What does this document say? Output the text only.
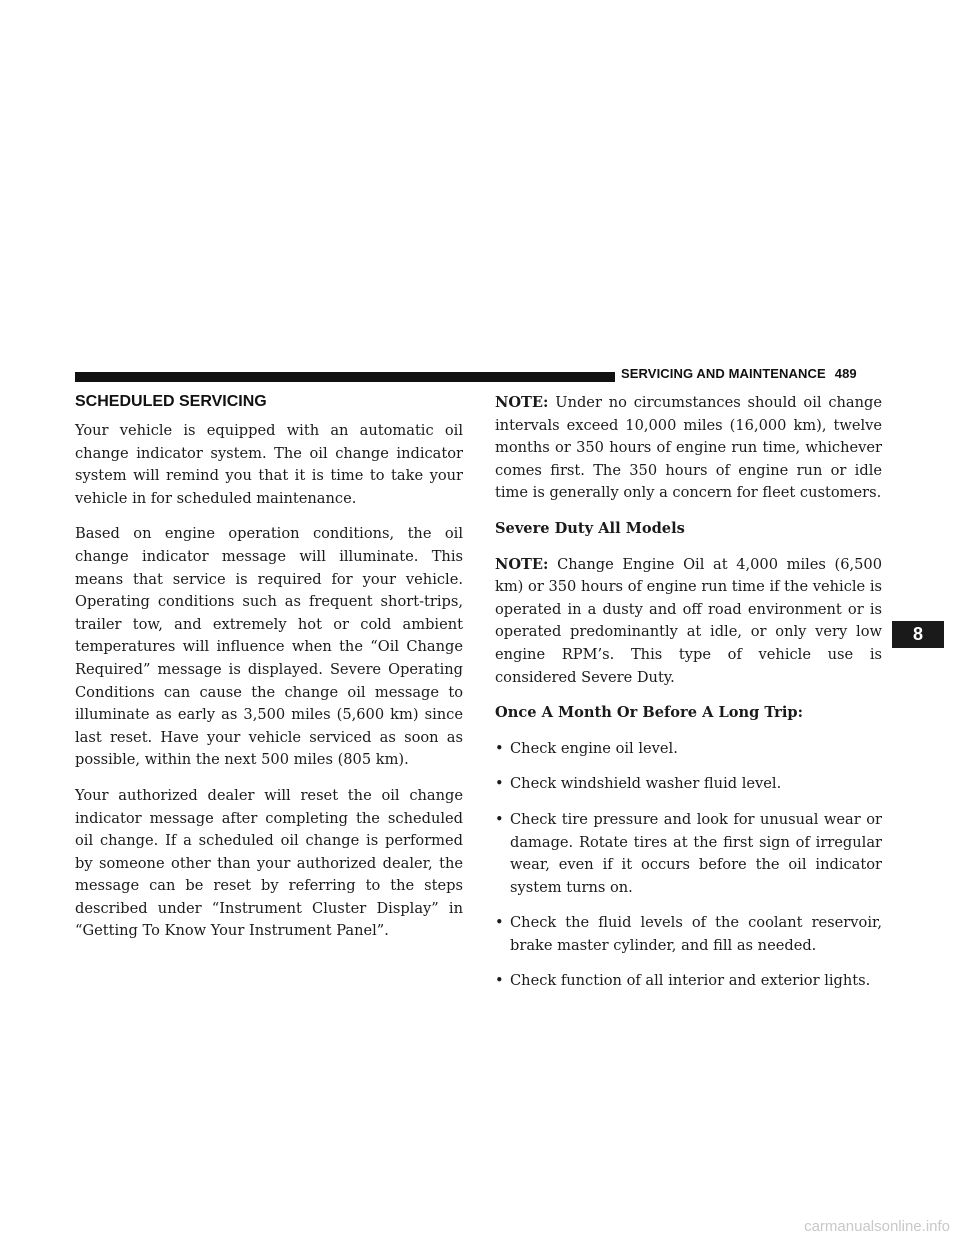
SERVICING AND MAINTENANCE 489
SCHEDULED SERVICING

Your vehicle is equipped with an automatic oil change indicator system. The oil change indicator system will remind you that it is time to take your vehicle in for scheduled maintenance.

Based on engine operation conditions, the oil change indicator message will illuminate. This means that service is required for your vehicle. Operating conditions such as frequent short-trips, trailer tow, and extremely hot or cold ambient temperatures will influence when the “Oil Change Required” message is displayed. Severe Operating Conditions can cause the change oil message to illuminate as early as 3,500 miles (5,600 km) since last reset. Have your vehicle serviced as soon as possible, within the next 500 miles (805 km).

Your authorized dealer will reset the oil change indicator message after completing the scheduled oil change. If a scheduled oil change is performed by someone other than your authorized dealer, the message can be reset by referring to the steps described under “Instrument Cluster Display” in “Getting To Know Your Instrument Panel”.

NOTE: Under no circumstances should oil change intervals exceed 10,000 miles (16,000 km), twelve months or 350 hours of engine run time, whichever comes first. The 350 hours of engine run or idle time is generally only a concern for fleet customers.

Severe Duty All Models

NOTE: Change Engine Oil at 4,000 miles (6,500 km) or 350 hours of engine run time if the vehicle is operated in a dusty and off road environment or is operated predominantly at idle, or only very low engine RPM’s. This type of vehicle use is considered Severe Duty.

Once A Month Or Before A Long Trip:

• Check engine oil level.
• Check windshield washer fluid level.
• Check tire pressure and look for unusual wear or damage. Rotate tires at the first sign of irregular wear, even if it occurs before the oil indicator system turns on.
• Check the fluid levels of the coolant reservoir, brake master cylinder, and fill as needed.
• Check function of all interior and exterior lights.
8
carmanualsonline.info
